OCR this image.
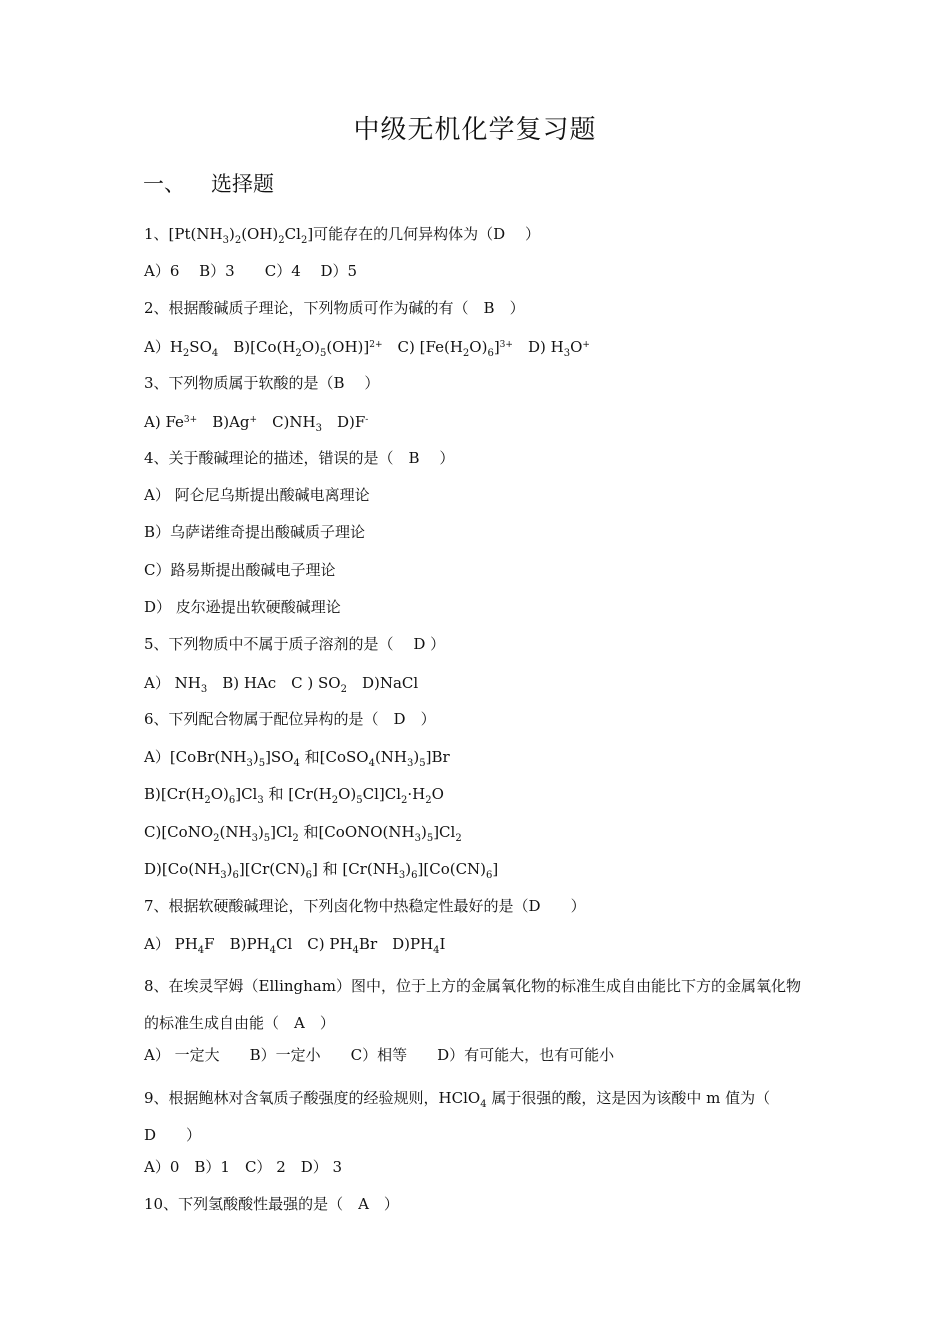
中级无机化学复习题
一、 选择题
1、$[Pt(NH_3)_2(OH)_2Cl_2]$可能存在的几何异构体为（D　 ）
A）6　 B）3　　C）4　 D）5
2、根据酸碱质子理论，下列物质可作为碱的有（　B　）
$A)H_2SO_4$　$B)[Co(H_2O)_5(OH)]^{2+}$　C) $[Fe(H_2O)_6]^{3+}$　D) $H_3O^+$
3、下列物质属于软酸的是（B　 ）
A) $Fe^{3+}$　B)Ag+　$C)NH_3$　D)F-
4、关于酸碱理论的描述，错误的是（　B　 ）
A） 阿仑尼乌斯提出酸碱电离理论
B）乌萨诺维奇提出酸碱质子理论
C）路易斯提出酸碱电子理论
D） 皮尔逊提出软硬酸碱理论
5、下列物质中不属于质子溶剂的是（　 D ）
A） $NH_3$　B) HAc　C ) $SO_2$　D)NaCl
6、下列配合物属于配位异构的是（　D　）
$A)[CoBr(NH_3)_5]SO_4$ 和$[CoSO_4(NH_3)_5]Br$
$B)[Cr(H_2O)_6]Cl_3$ 和 $[Cr(H_2O)_5Cl]Cl_2\cdot H_2O$
$C)[CoNO_2(NH_3)_5]Cl_2$ 和$[CoONO(NH_3)_5]Cl_2$
$D)[Co(NH_3)_6][Cr(CN)_6]$ 和 $[Cr(NH_3)_6][Co(CN)_6]$
7、根据软硬酸碱理论，下列卤化物中热稳定性最好的是（D　　）
A） $PH_4F$　$B)PH_4Cl$　C) $PH_4Br$　$D)PH_4I$
8、在埃灵罕姆（Ellingham）图中，位于上方的金属氧化物的标准生成自由能比下方的金属氧化物的标准生成自由能（　A　）
A） 一定大　　B）一定小　　C）相等　　D）有可能大，也有可能小
9、根据鲍林对含氧质子酸强度的经验规则，HClO$_4$ 属于很强的酸，这是因为该酸中 m 值为（ D　　）
A）0　B）1　C） 2　D） 3
10、下列氢酸酸性最强的是（　A　）
